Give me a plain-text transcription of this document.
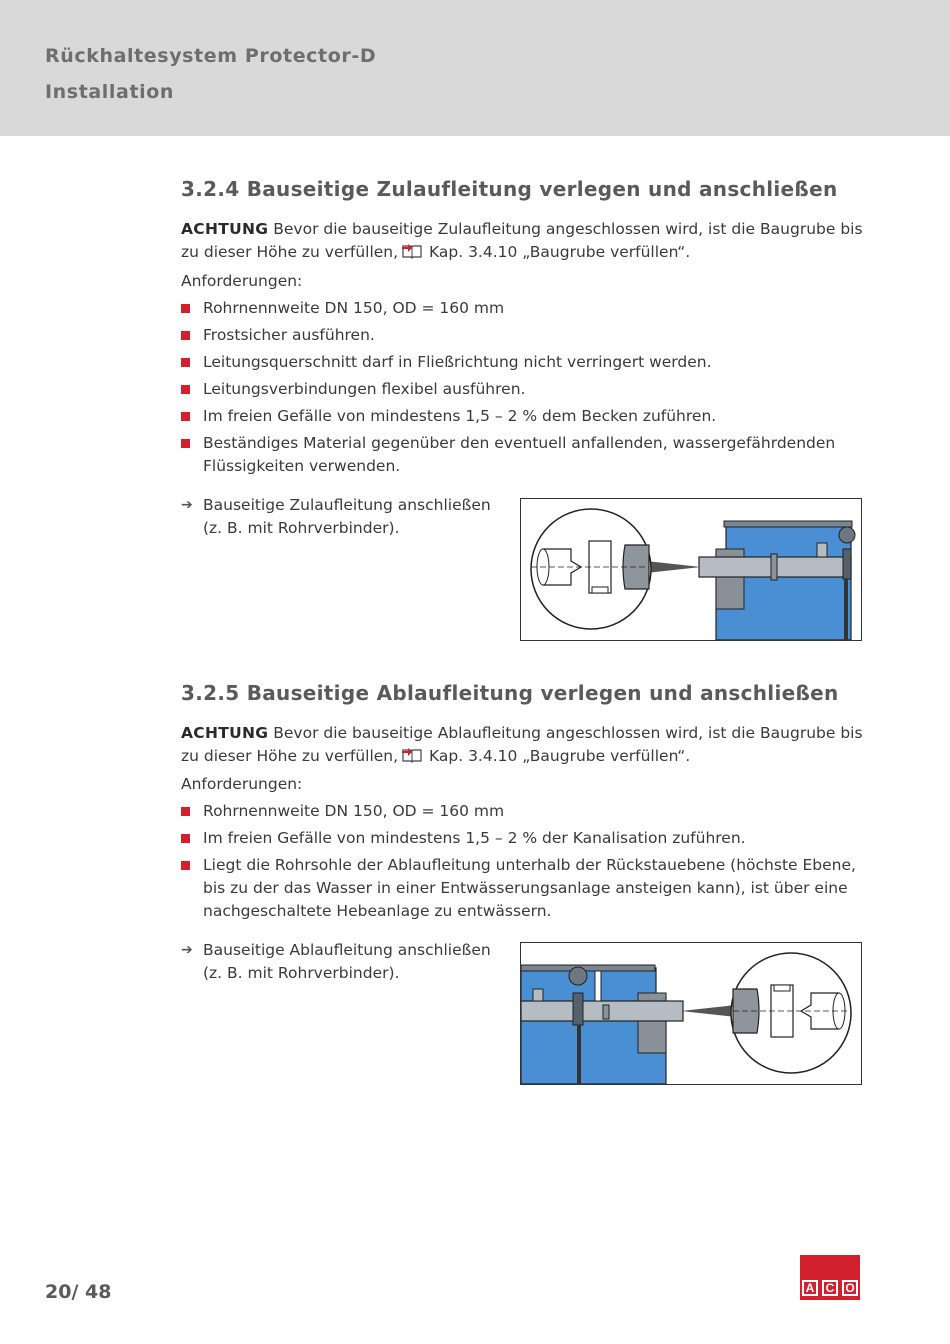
Rückhaltesystem Protector-D
Installation
3.2.4 Bauseitige Zulaufleitung verlegen und anschließen
ACHTUNG Bevor die bauseitige Zulaufleitung angeschlossen wird, ist die Baugrube bis zu dieser Höhe zu verfüllen, Kap. 3.4.10 „Baugrube verfüllen“.
Anforderungen:
Rohrnennweite DN 150, OD = 160 mm
Frostsicher ausführen.
Leitungsquerschnitt darf in Fließrichtung nicht verringert werden.
Leitungsverbindungen flexibel ausführen.
Im freien Gefälle von mindestens 1,5 – 2 % dem Becken zuführen.
Beständiges Material gegenüber den eventuell anfallenden, wassergefährdenden Flüssigkeiten verwenden.
➔ Bauseitige Zulaufleitung anschließen
(z. B. mit Rohrverbinder).
3.2.5 Bauseitige Ablaufleitung verlegen und anschließen
ACHTUNG Bevor die bauseitige Ablaufleitung angeschlossen wird, ist die Baugrube bis zu dieser Höhe zu verfüllen, Kap. 3.4.10 „Baugrube verfüllen“.
Anforderungen:
Rohrnennweite DN 150, OD = 160 mm
Im freien Gefälle von mindestens 1,5 – 2 % der Kanalisation zuführen.
Liegt die Rohrsohle der Ablaufleitung unterhalb der Rückstauebene (höchste Ebene, bis zu der das Wasser in einer Entwässerungsanlage ansteigen kann), ist über eine nachgeschaltete Hebeanlage zu entwässern.
➔ Bauseitige Ablaufleitung anschließen
(z. B. mit Rohrverbinder).
20/ 48	A C O
